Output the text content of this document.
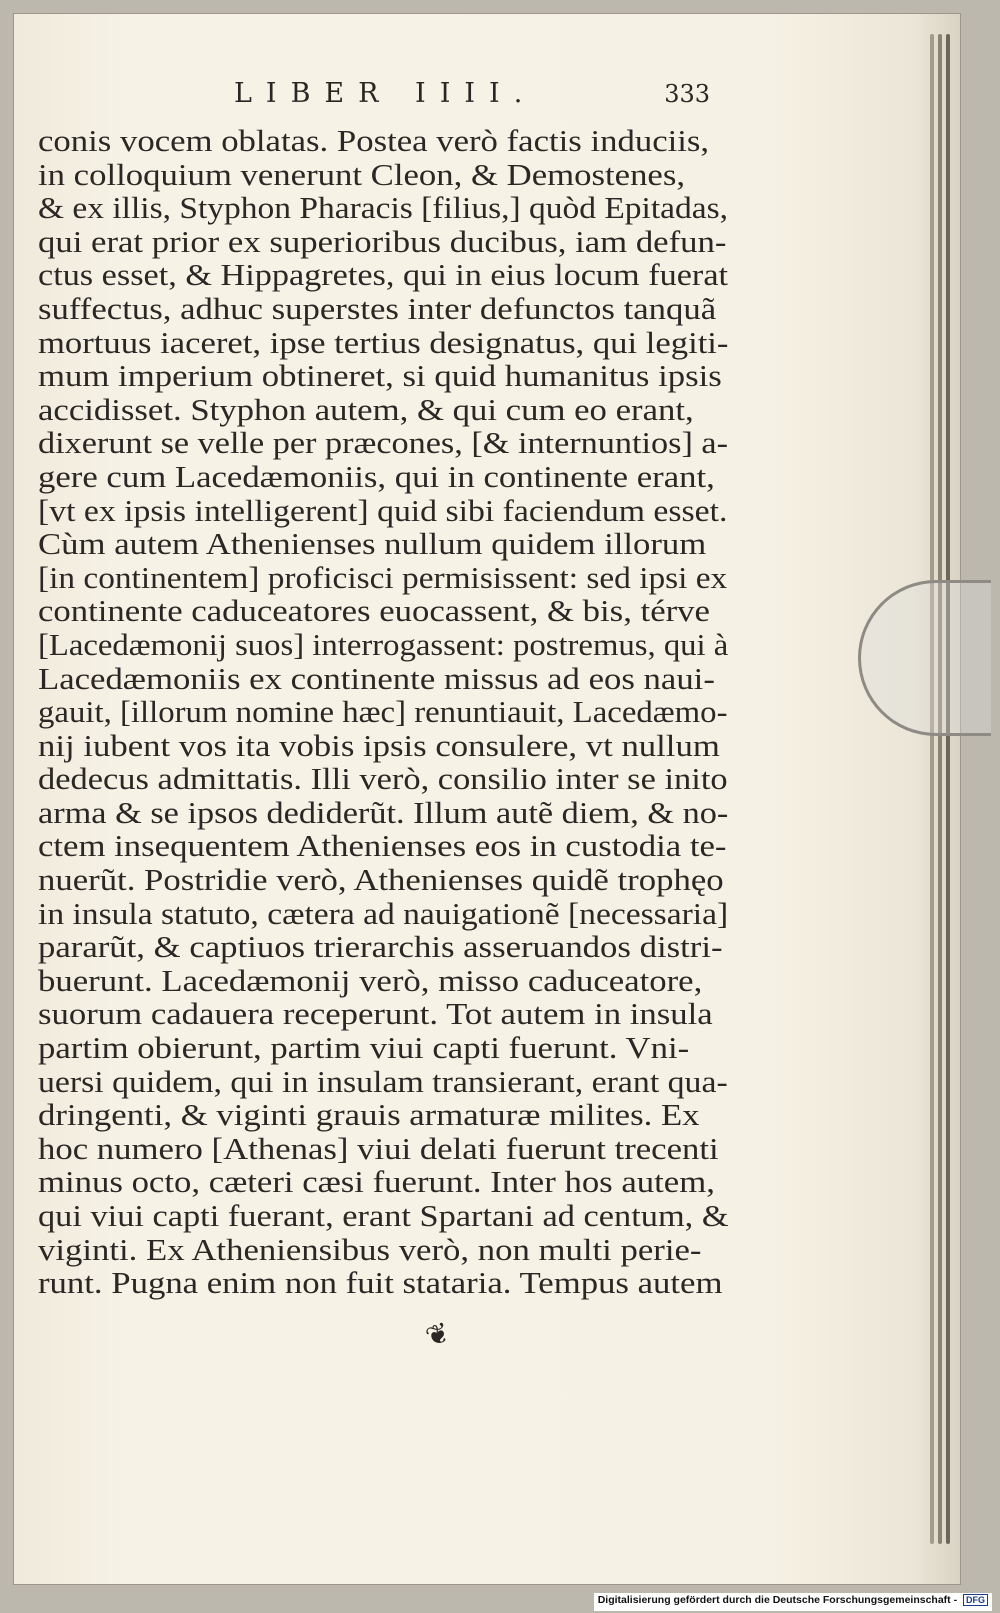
LIBER IIII.	333
conis vocem oblatas. Postea verò factis induciis,
in colloquium venerunt Cleon, & Demostenes,
& ex illis, Styphon Pharacis [filius,] quòd Epitadas,
qui erat prior ex superioribus ducibus, iam defun-
ctus esset, & Hippagretes, qui in eius locum fuerat
suffectus, adhuc superstes inter defunctos tanquã
mortuus iaceret, ipse tertius designatus, qui legiti-
mum imperium obtineret, si quid humanitus ipsis
accidisset. Styphon autem, & qui cum eo erant,
dixerunt se velle per præcones, [& internuntios] a-
gere cum Lacedæmoniis, qui in continente erant,
[vt ex ipsis intelligerent] quid sibi faciendum esset.
Cùm autem Athenienses nullum quidem illorum
[in continentem] proficisci permisissent: sed ipsi ex
continente caduceatores euocassent, & bis, térve
[Lacedæmonij suos] interrogassent: postremus, qui à
Lacedæmoniis ex continente missus ad eos naui-
gauit, [illorum nomine hæc] renuntiauit, Lacedæmo-
nij iubent vos ita vobis ipsis consulere, vt nullum
dedecus admittatis. Illi verò, consilio inter se inito
arma & se ipsos dediderũt. Illum autẽ diem, & no-
ctem insequentem Athenienses eos in custodia te-
nuerũt. Postridie verò, Athenienses quidẽ trophęo
in insula statuto, cætera ad nauigationẽ [necessaria]
pararũt, & captiuos trierarchis asseruandos distri-
buerunt. Lacedæmonij verò, misso caduceatore,
suorum cadauera receperunt. Tot autem in insula
partim obierunt, partim viui capti fuerunt. Vni-
uersi quidem, qui in insulam transierant, erant qua-
dringenti, & viginti grauis armaturæ milites. Ex
hoc numero [Athenas] viui delati fuerunt trecenti
minus octo, cæteri cæsi fuerunt. Inter hos autem,
qui viui capti fuerant, erant Spartani ad centum, &
viginti. Ex Atheniensibus verò, non multi perie-
runt. Pugna enim non fuit stataria. Tempus autem
❦
Digitalisierung gefördert durch die Deutsche Forschungsgemeinschaft - DFG
